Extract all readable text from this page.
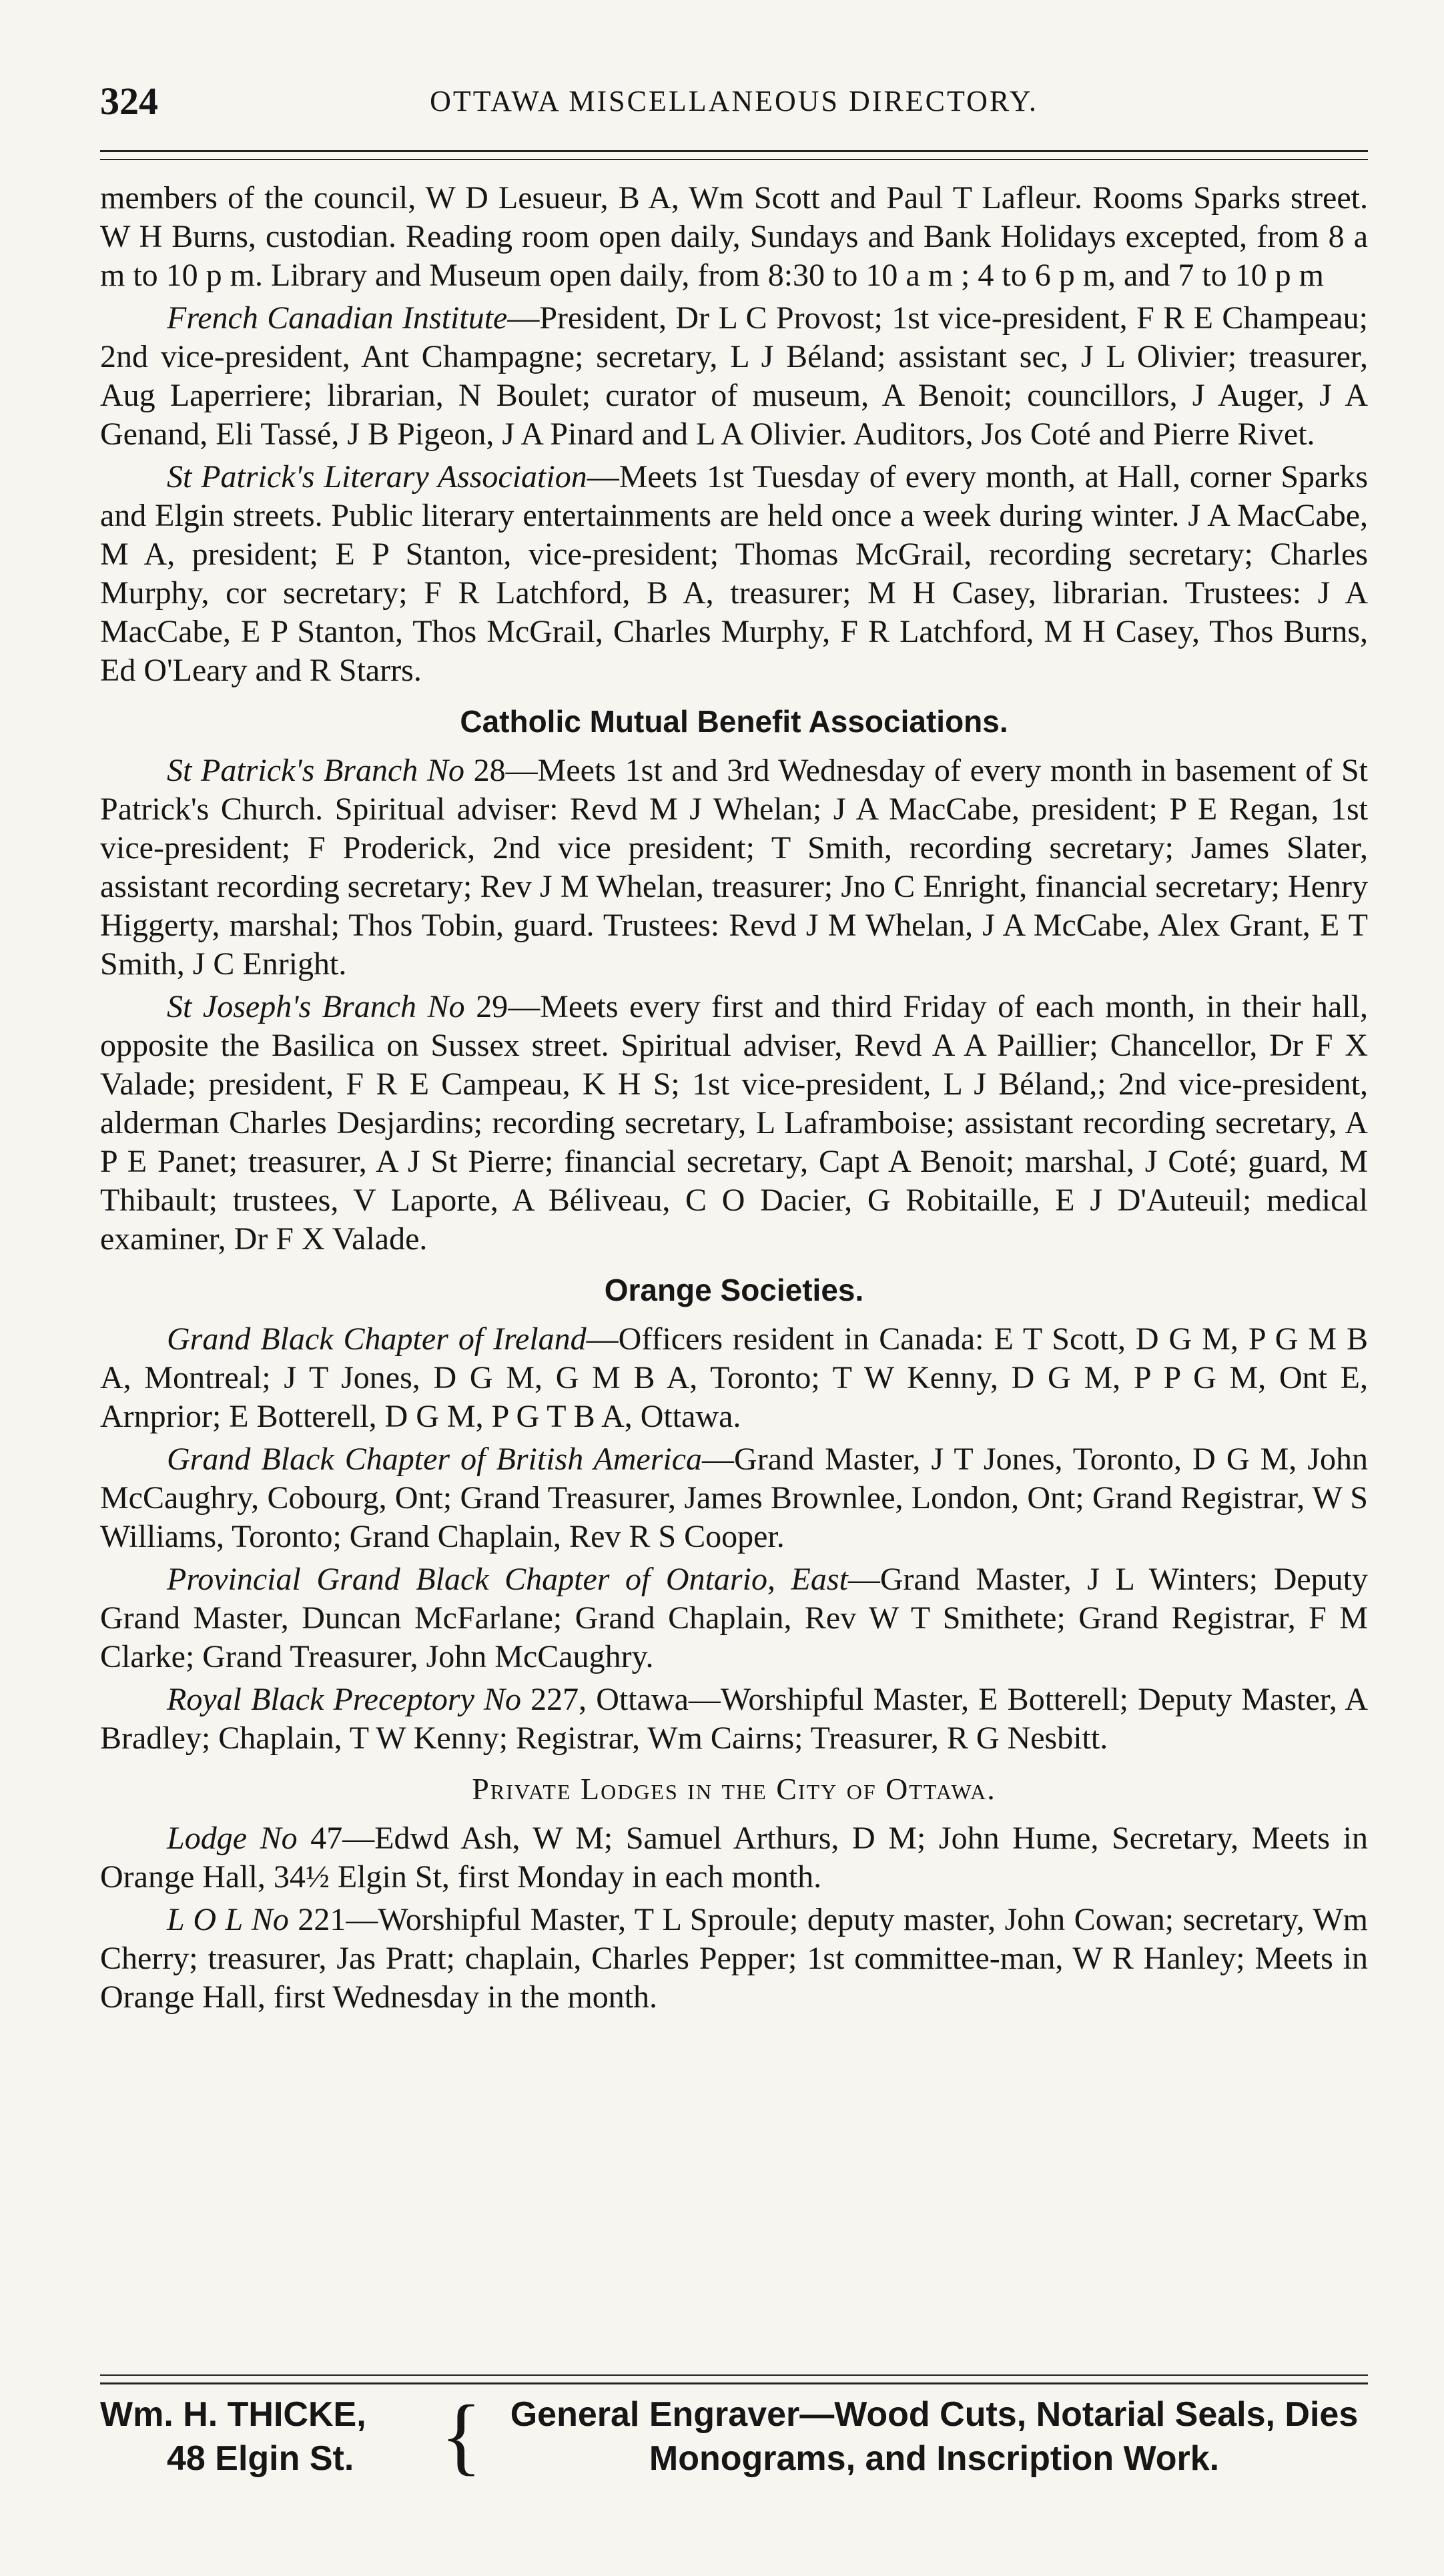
324	OTTAWA MISCELLANEOUS DIRECTORY.

members of the council, W D Lesueur, B A, Wm Scott and Paul T Lafleur. Rooms Sparks street. W H Burns, custodian. Reading room open daily, Sundays and Bank Holidays excepted, from 8 a m to 10 p m. Library and Museum open daily, from 8:30 to 10 a m ; 4 to 6 p m, and 7 to 10 p m

French Canadian Institute—President, Dr L C Provost; 1st vice-president, F R E Champeau; 2nd vice-president, Ant Champagne; secretary, L J Béland; assistant sec, J L Olivier; treasurer, Aug Laperriere; librarian, N Boulet; curator of museum, A Benoit; councillors, J Auger, J A Genand, Eli Tassé, J B Pigeon, J A Pinard and L A Olivier. Auditors, Jos Coté and Pierre Rivet.

St Patrick's Literary Association—Meets 1st Tuesday of every month, at Hall, corner Sparks and Elgin streets. Public literary entertainments are held once a week during winter. J A MacCabe, M A, president; E P Stanton, vice-president; Thomas McGrail, recording secretary; Charles Murphy, cor secretary; F R Latchford, B A, treasurer; M H Casey, librarian. Trustees: J A MacCabe, E P Stanton, Thos McGrail, Charles Murphy, F R Latchford, M H Casey, Thos Burns, Ed O'Leary and R Starrs.

Catholic Mutual Benefit Associations.

St Patrick's Branch No 28—Meets 1st and 3rd Wednesday of every month in basement of St Patrick's Church. Spiritual adviser: Revd M J Whelan; J A MacCabe, president; P E Regan, 1st vice-president; F Proderick, 2nd vice president; T Smith, recording secretary; James Slater, assistant recording secretary; Rev J M Whelan, treasurer; Jno C Enright, financial secretary; Henry Higgerty, marshal; Thos Tobin, guard. Trustees: Revd J M Whelan, J A McCabe, Alex Grant, E T Smith, J C Enright.

St Joseph's Branch No 29—Meets every first and third Friday of each month, in their hall, opposite the Basilica on Sussex street. Spiritual adviser, Revd A A Paillier; Chancellor, Dr F X Valade; president, F R E Campeau, K H S; 1st vice-president, L J Béland,; 2nd vice-president, alderman Charles Desjardins; recording secretary, L Laframboise; assistant recording secretary, A P E Panet; treasurer, A J St Pierre; financial secretary, Capt A Benoit; marshal, J Coté; guard, M Thibault; trustees, V Laporte, A Béliveau, C O Dacier, G Robitaille, E J D'Auteuil; medical examiner, Dr F X Valade.

Orange Societies.

Grand Black Chapter of Ireland—Officers resident in Canada: E T Scott, D G M, P G M B A, Montreal; J T Jones, D G M, G M B A, Toronto; T W Kenny, D G M, P P G M, Ont E, Arnprior; E Botterell, D G M, P G T B A, Ottawa.

Grand Black Chapter of British America—Grand Master, J T Jones, Toronto, D G M, John McCaughry, Cobourg, Ont; Grand Treasurer, James Brownlee, London, Ont; Grand Registrar, W S Williams, Toronto; Grand Chaplain, Rev R S Cooper.

Provincial Grand Black Chapter of Ontario, East—Grand Master, J L Winters; Deputy Grand Master, Duncan McFarlane; Grand Chaplain, Rev W T Smithete; Grand Registrar, F M Clarke; Grand Treasurer, John McCaughry.

Royal Black Preceptory No 227, Ottawa—Worshipful Master, E Botterell; Deputy Master, A Bradley; Chaplain, T W Kenny; Registrar, Wm Cairns; Treasurer, R G Nesbitt.

Private Lodges in the City of Ottawa.

Lodge No 47—Edwd Ash, W M; Samuel Arthurs, D M; John Hume, Secretary, Meets in Orange Hall, 34½ Elgin St, first Monday in each month.

L O L No 221—Worshipful Master, T L Sproule; deputy master, John Cowan; secretary, Wm Cherry; treasurer, Jas Pratt; chaplain, Charles Pepper; 1st committee-man, W R Hanley; Meets in Orange Hall, first Wednesday in the month.

Wm. H. THICKE,
48 Elgin St. { General Engraver—Wood Cuts, Notarial Seals, Dies
Monograms, and Inscription Work.
